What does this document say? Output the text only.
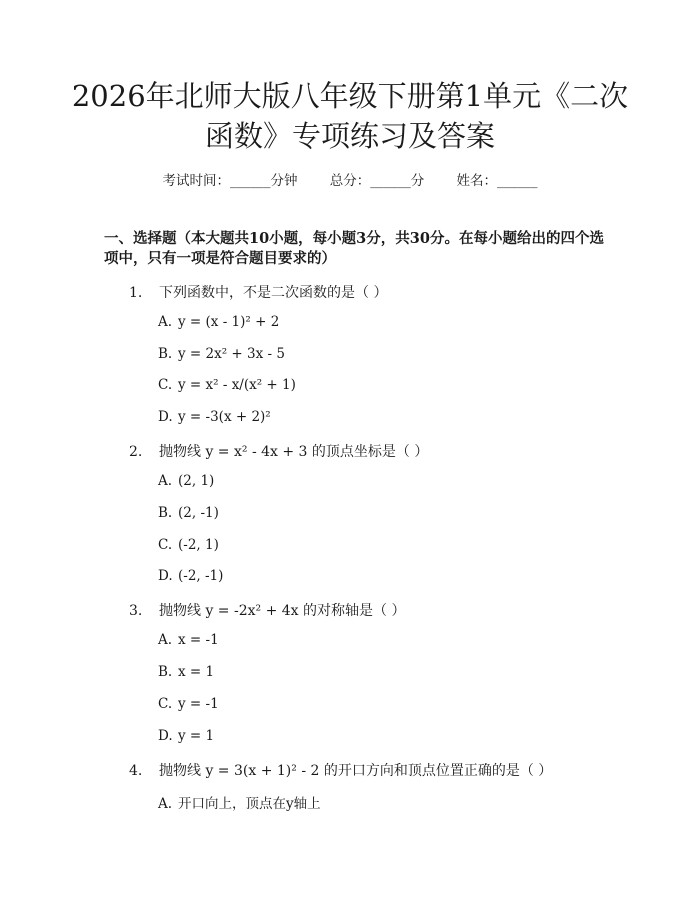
2026年北师大版八年级下册第1单元《二次
函数》专项练习及答案
考试时间：______分钟 总分：______分 姓名：______
一、选择题（本大题共10小题，每小题3分，共30分。在每小题给出的四个选
项中，只有一项是符合题目要求的）
1. 下列函数中，不是二次函数的是（ ）
A. y = (x - 1)² + 2
B. y = 2x² + 3x - 5
C. y = x² - x/(x² + 1)
D. y = -3(x + 2)²
2. 抛物线 y = x² - 4x + 3 的顶点坐标是（ ）
A. (2, 1)
B. (2, -1)
C. (-2, 1)
D. (-2, -1)
3. 抛物线 y = -2x² + 4x 的对称轴是（ ）
A. x = -1
B. x = 1
C. y = -1
D. y = 1
4. 抛物线 y = 3(x + 1)² - 2 的开口方向和顶点位置正确的是（ ）
A. 开口向上，顶点在y轴上
